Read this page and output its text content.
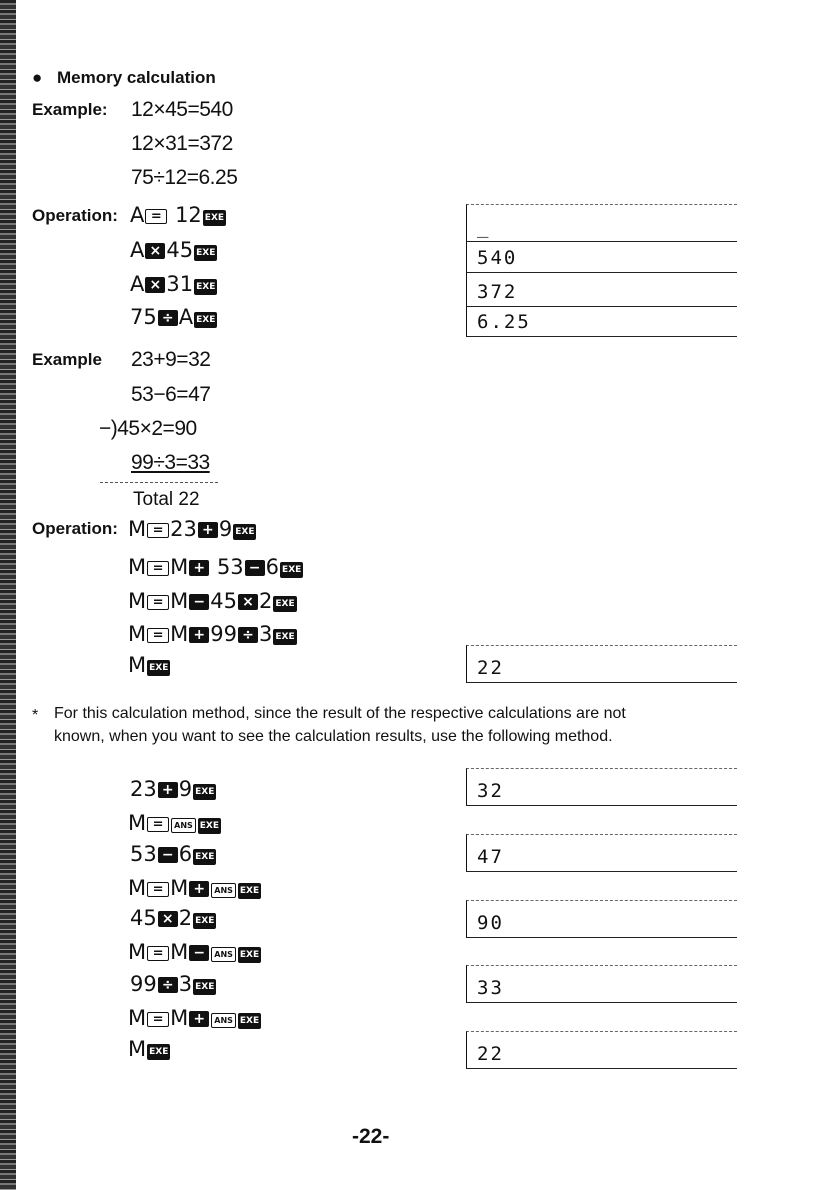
● Memory calculation
Example: 12×45=540
12×31=372
75÷12=6.25
Operation: A = 12 EXE
A × 45 EXE
A × 31 EXE
75 ÷ A EXE
_
540
372
6.25
Example 23+9=32
53−6=47
−)45×2=90
99÷3=33
Total 22
Operation: M = 23 + 9 EXE
M = M + 53 − 6 EXE
M = M − 45 × 2 EXE
M = M + 99 ÷ 3 EXE
M EXE	22
* For this calculation method, since the result of the respective calculations are not
known, when you want to see the calculation results, use the following method.
23 + 9 EXE
M = ANS EXE
53 − 6 EXE
M = M + ANS EXE
45 × 2 EXE
M = M − ANS EXE
99 ÷ 3 EXE
M = M + ANS EXE
M EXE
32
47
90
33
22
-22-
